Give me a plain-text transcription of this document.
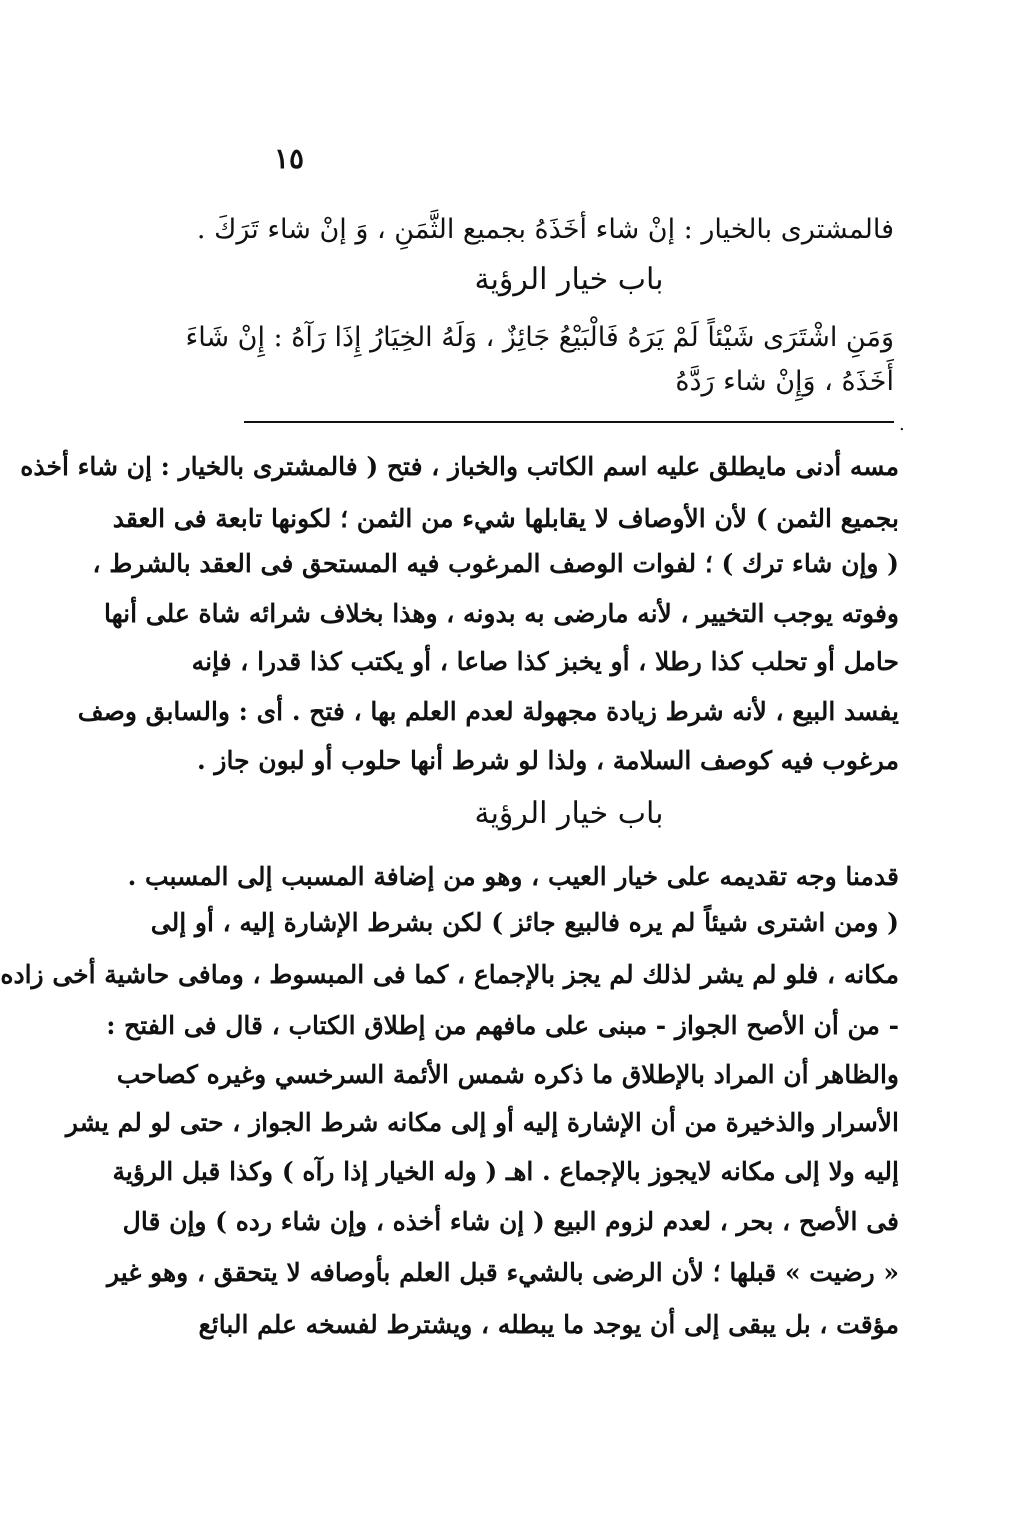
١٥
فالمشترى بالخيار : إنْ شاء أخَذَهُ بجميع الثَّمَنِ ، وَ إنْ شاء تَرَكَ .
باب خيار الرؤية
وَمَنِ اشْتَرَى شَيْئاً لَمْ يَرَهُ فَالْبَيْعُ جَائِزٌ ، وَلَهُ الخِيَارُ إِذَا رَآهُ : إِنْ شَاءَ
أَخَذَهُ ، وَإِنْ شاء رَدَّهُ
.
مسه أدنى مايطلق عليه اسم الكاتب والخباز ، فتح ( فالمشترى بالخيار : إن شاء أخذه
بجميع الثمن ) لأن الأوصاف لا يقابلها شيء من الثمن ؛ لكونها تابعة فى العقد
( وإن شاء ترك ) ؛ لفوات الوصف المرغوب فيه المستحق فى العقد بالشرط ،
وفوته يوجب التخيير ، لأنه مارضى به بدونه ، وهذا بخلاف شرائه شاة على أنها
حامل أو تحلب كذا رطلا ، أو يخبز كذا صاعا ، أو يكتب كذا قدرا ، فإنه
يفسد البيع ، لأنه شرط زيادة مجهولة لعدم العلم بها ، فتح . أى : والسابق وصف
مرغوب فيه كوصف السلامة ، ولذا لو شرط أنها حلوب أو لبون جاز .
باب خيار الرؤية
قدمنا وجه تقديمه على خيار العيب ، وهو من إضافة المسبب إلى المسبب .
( ومن اشترى شيئاً لم يره فالبيع جائز ) لكن بشرط الإشارة إليه ، أو إلى
مكانه ، فلو لم يشر لذلك لم يجز بالإجماع ، كما فى المبسوط ، ومافى حاشية أخى زاده
- من أن الأصح الجواز - مبنى على مافهم من إطلاق الكتاب ، قال فى الفتح :
والظاهر أن المراد بالإطلاق ما ذكره شمس الأئمة السرخسي وغيره كصاحب
الأسرار والذخيرة من أن الإشارة إليه أو إلى مكانه شرط الجواز ، حتى لو لم يشر
إليه ولا إلى مكانه لايجوز بالإجماع . اهـ ( وله الخيار إذا رآه ) وكذا قبل الرؤية
فى الأصح ، بحر ، لعدم لزوم البيع ( إن شاء أخذه ، وإن شاء رده ) وإن قال
« رضيت » قبلها ؛ لأن الرضى بالشيء قبل العلم بأوصافه لا يتحقق ، وهو غير
مؤقت ، بل يبقى إلى أن يوجد ما يبطله ، ويشترط لفسخه علم البائع
